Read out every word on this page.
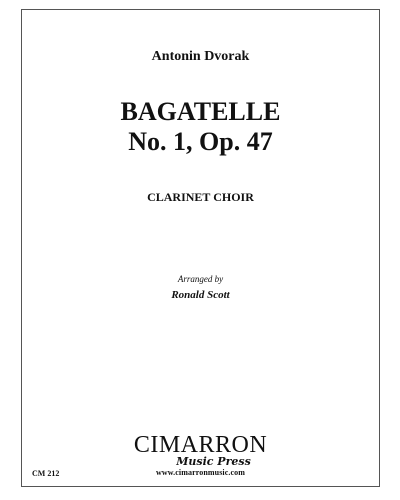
Antonin Dvorak
BAGATELLE
No. 1, Op. 47
CLARINET CHOIR
Arranged by
Ronald Scott
CIMARRON
Music Press
CM 212	www.cimarronmusic.com
